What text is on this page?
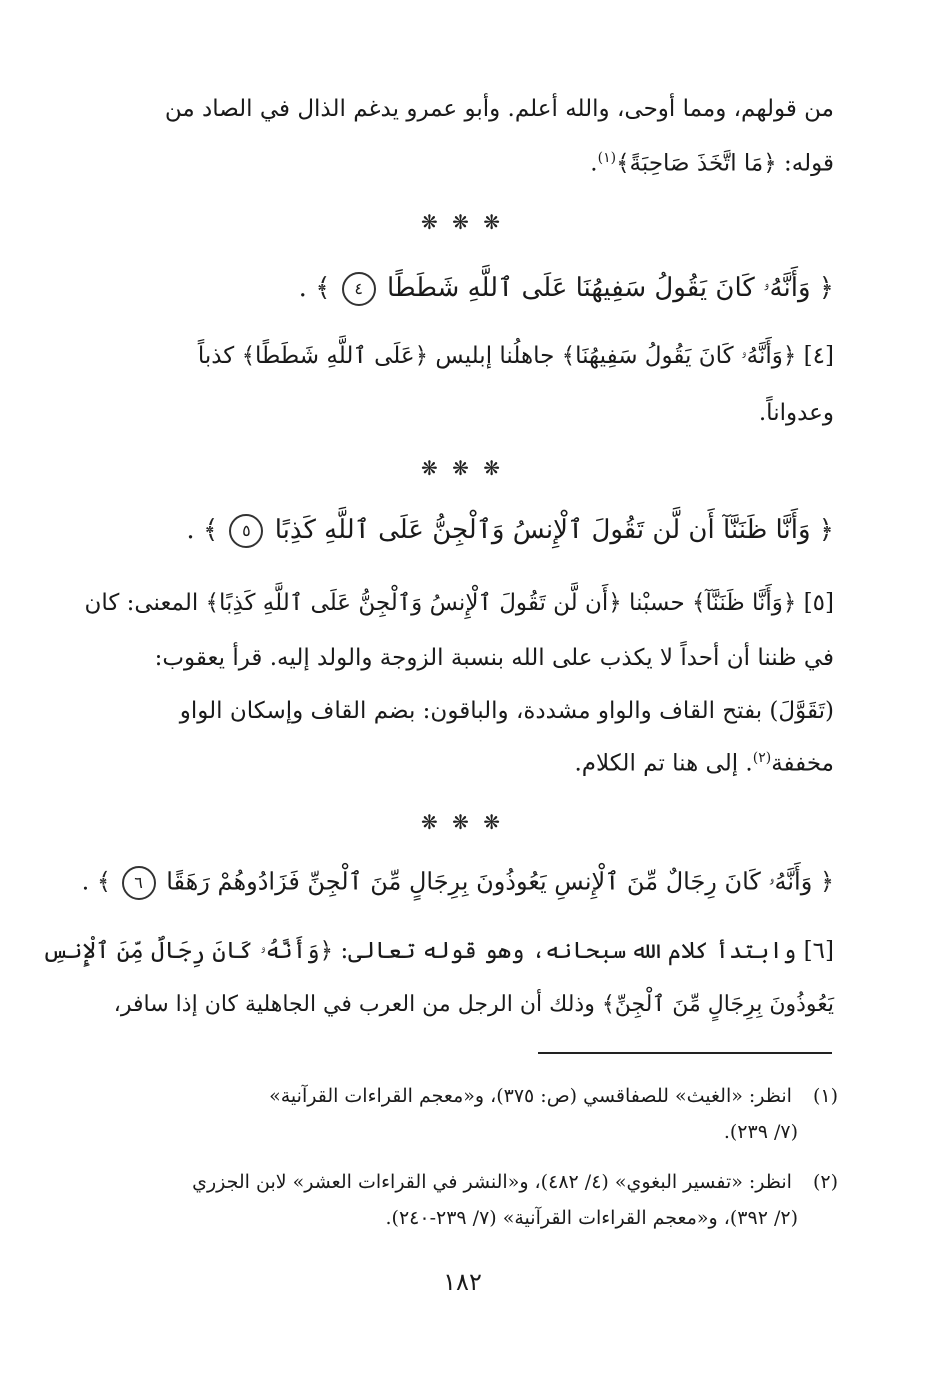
من قولهم، ومما أوحى، والله أعلم. وأبو عمرو يدغم الذال في الصاد من
قوله: ﴿مَا اتَّخَذَ صَاحِبَةً﴾$^{(١)}$.
❋ ❋ ❋
﴿ وَأَنَّهُۥ كَانَ يَقُولُ سَفِيهُنَا عَلَى ٱللَّهِ شَطَطًا ٤ ﴾ .
[٤] ﴿وَأَنَّهُۥ كَانَ يَقُولُ سَفِيهُنَا﴾ جاهلُنا إبليس ﴿عَلَى ٱللَّهِ شَطَطًا﴾ كذباً
وعدواناً.
❋ ❋ ❋
﴿ وَأَنَّا ظَنَنَّآ أَن لَّن تَقُولَ ٱلْإِنسُ وَٱلْجِنُّ عَلَى ٱللَّهِ كَذِبًا ٥ ﴾ .
[٥] ﴿وَأَنَّا ظَنَنَّآ﴾ حسبْنا ﴿أَن لَّن تَقُولَ ٱلْإِنسُ وَٱلْجِنُّ عَلَى ٱللَّهِ كَذِبًا﴾ المعنى: كان
في ظننا أن أحداً لا يكذب على الله بنسبة الزوجة والولد إليه. قرأ يعقوب:
(تَقَوَّلَ) بفتح القاف والواو مشددة، والباقون: بضم القاف وإسكان الواو
مخففة$^{(٢)}$. إلى هنا تم الكلام.
❋ ❋ ❋
﴿ وَأَنَّهُۥ كَانَ رِجَالٌ مِّنَ ٱلْإِنسِ يَعُوذُونَ بِرِجَالٍ مِّنَ ٱلْجِنِّ فَزَادُوهُمْ رَهَقًا ٦ ﴾ .
[٦] وابتدأ كلام الله سبحانه، وهو قوله تعالى: ﴿وَأَنَّهُۥ كَانَ رِجَالٌ مِّنَ ٱلْإِنسِ
يَعُوذُونَ بِرِجَالٍ مِّنَ ٱلْجِنِّ﴾ وذلك أن الرجل من العرب في الجاهلية كان إذا سافر،
(١) انظر: «الغيث» للصفاقسي (ص: ٣٧٥)، و«معجم القراءات القرآنية»
(٧/ ٢٣٩).
(٢) انظر: «تفسير البغوي» (٤/ ٤٨٢)، و«النشر في القراءات العشر» لابن الجزري
(٢/ ٣٩٢)، و«معجم القراءات القرآنية» (٧/ ٢٣٩-٢٤٠).
١٨٢
